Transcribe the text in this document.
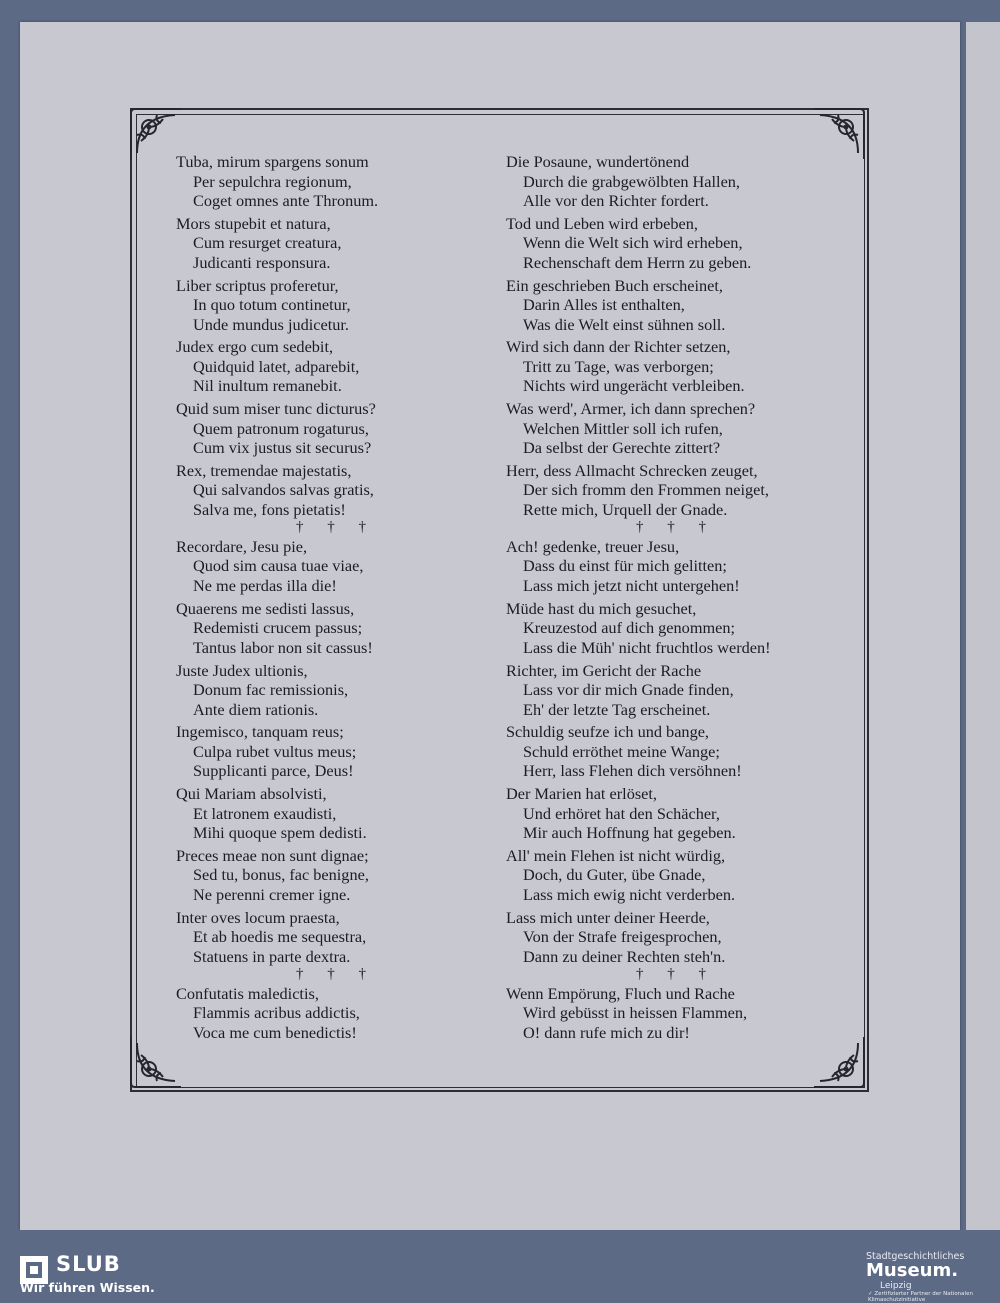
Tuba, mirum spargens sonum
Per sepulchra regionum,
Coget omnes ante Thronum.
Mors stupebit et natura,
Cum resurget creatura,
Judicanti responsura.
Liber scriptus proferetur,
In quo totum continetur,
Unde mundus judicetur.
Judex ergo cum sedebit,
Quidquid latet, adparebit,
Nil inultum remanebit.
Quid sum miser tunc dicturus?
Quem patronum rogaturus,
Cum vix justus sit securus?
Rex, tremendae majestatis,
Qui salvandos salvas gratis,
Salva me, fons pietatis!
† † †
Recordare, Jesu pie,
Quod sim causa tuae viae,
Ne me perdas illa die!
Quaerens me sedisti lassus,
Redemisti crucem passus;
Tantus labor non sit cassus!
Juste Judex ultionis,
Donum fac remissionis,
Ante diem rationis.
Ingemisco, tanquam reus;
Culpa rubet vultus meus;
Supplicanti parce, Deus!
Qui Mariam absolvisti,
Et latronem exaudisti,
Mihi quoque spem dedisti.
Preces meae non sunt dignae;
Sed tu, bonus, fac benigne,
Ne perenni cremer igne.
Inter oves locum praesta,
Et ab hoedis me sequestra,
Statuens in parte dextra.
† † †
Confutatis maledictis,
Flammis acribus addictis,
Voca me cum benedictis!
Die Posaune, wundertönend
Durch die grabgewölbten Hallen,
Alle vor den Richter fordert.
Tod und Leben wird erbeben,
Wenn die Welt sich wird erheben,
Rechenschaft dem Herrn zu geben.
Ein geschrieben Buch erscheinet,
Darin Alles ist enthalten,
Was die Welt einst sühnen soll.
Wird sich dann der Richter setzen,
Tritt zu Tage, was verborgen;
Nichts wird ungerächt verbleiben.
Was werd', Armer, ich dann sprechen?
Welchen Mittler soll ich rufen,
Da selbst der Gerechte zittert?
Herr, dess Allmacht Schrecken zeuget,
Der sich fromm den Frommen neiget,
Rette mich, Urquell der Gnade.
† † †
Ach! gedenke, treuer Jesu,
Dass du einst für mich gelitten;
Lass mich jetzt nicht untergehen!
Müde hast du mich gesuchet,
Kreuzestod auf dich genommen;
Lass die Müh' nicht fruchtlos werden!
Richter, im Gericht der Rache
Lass vor dir mich Gnade finden,
Eh' der letzte Tag erscheinet.
Schuldig seufze ich und bange,
Schuld erröthet meine Wange;
Herr, lass Flehen dich versöhnen!
Der Marien hat erlöset,
Und erhöret hat den Schächer,
Mir auch Hoffnung hat gegeben.
All' mein Flehen ist nicht würdig,
Doch, du Guter, übe Gnade,
Lass mich ewig nicht verderben.
Lass mich unter deiner Heerde,
Von der Strafe freigesprochen,
Dann zu deiner Rechten steh'n.
† † †
Wenn Empörung, Fluch und Rache
Wird gebüsst in heissen Flammen,
O! dann rufe mich zu dir!
SLUB
Wir führen Wissen.
Stadtgeschichtliches
Museum.
Leipzig
✓ Zertifizierter Partner der Nationalen Klimaschutzinitiative
